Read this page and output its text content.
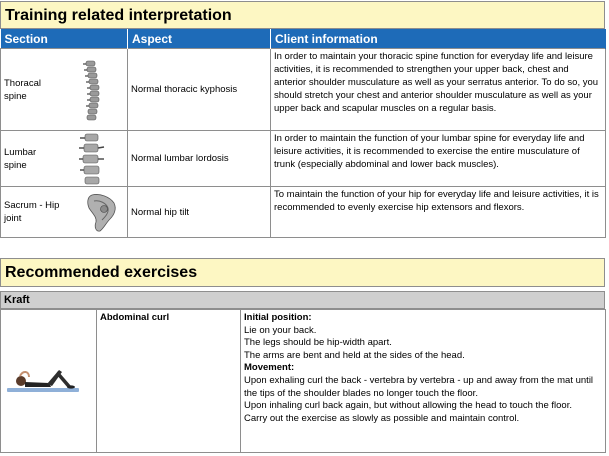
Training related interpretation
Section	Aspect	Client information

Thoracal spine	Normal thoracic kyphosis	In order to maintain your thoracic spine function for everyday life and leisure activities, it is recommended to strengthen your upper back, chest and anterior shoulder musculature as well as your serratus anterior. To do so, you should stretch your chest and anterior shoulder musculature as well as your upper back and scapular muscles on a regular basis.

Lumbar spine	Normal lumbar lordosis	In order to maintain the function of your lumbar spine for everyday life and leisure activities, it is recommended to exercise the entire musculature of trunk (especially abdominal and lower back muscles).

Sacrum - Hip joint	Normal hip tilt	To maintain the function of your hip for everyday life and leisure activities, it is recommended to evenly exercise hip extensors and flexors.
Recommended exercises
Kraft
	Abdominal curl	Initial position:
Lie on your back.
The legs should be hip-width apart.
The arms are bent and held at the sides of the head.
Movement:
Upon exhaling curl the back - vertebra by vertebra - up and away from the mat until the tips of the shoulder blades no longer touch the floor.
Upon inhaling curl back again, but without allowing the head to touch the floor.
Carry out the exercise as slowly as possible and maintain control.
